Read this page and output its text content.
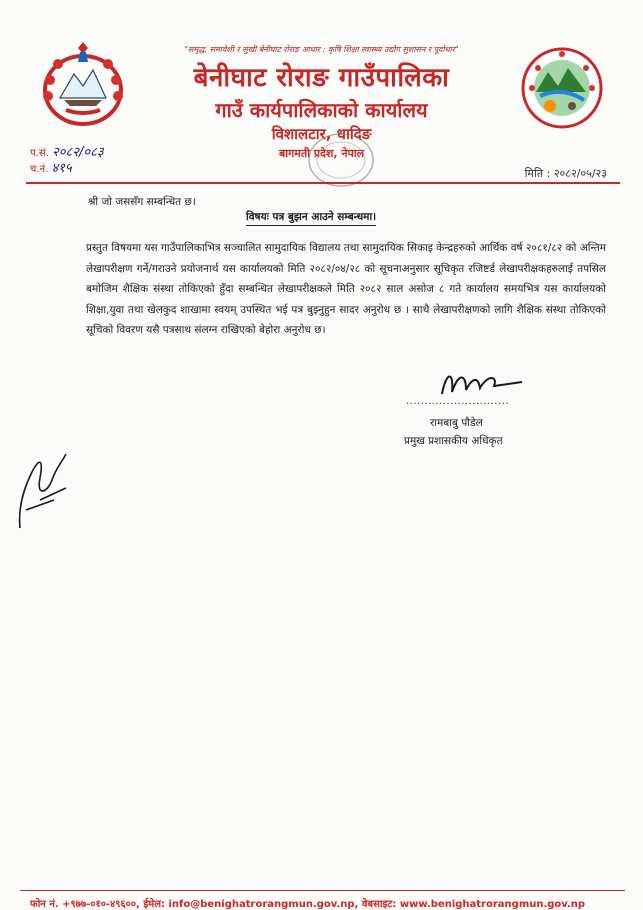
"समृद्ध, समावेशी र सुखी बेनीघाट रोराङ आधार : कृषि शिक्षा स्वास्थ्य उद्योग सुशासन र पूर्वाधार"
बेनीघाट रोराङ गाउँपालिका
गाउँ कार्यपालिकाको कार्यालय
विशालटार, धादिङ
बागमती प्रदेश, नेपाल
प.सं. २०८२/०८३
च.नं. ४१५	मिति : २०८२/०५/२३
श्री जो जससँग सम्बन्धित छ।
विषयः पत्र बुझन आउने सम्बन्धमा।
प्रस्तुत विषयमा यस गाउँपालिकाभित्र सञ्चालित सामुदायिक विद्यालय तथा सामुदायिक सिकाइ केन्द्रहरुको आर्थिक वर्ष २०८१/८२ को अन्तिम लेखापरीक्षण गर्ने/गराउने प्रयोजनार्थ यस कार्यालयको मिति २०८२/०४/२८ को सूचनाअनुसार सूचिकृत रजिष्टर्ड लेखापरीक्षकहरुलाई तपसिल बमोजिम शैक्षिक संस्था तोकिएको हुँदा सम्बन्धित लेखापरीक्षकले मिति २०८२ साल असोज ८ गते कार्यालय समयभित्र यस कार्यालयको शिक्षा,युवा तथा खेलकुद शाखामा स्वयम् उपस्थित भई पत्र बुझ्नुहुन सादर अनुरोध छ । साथै लेखापरीक्षणको लागि शैक्षिक संस्था तोकिएको सूचिको विवरण यसै पत्रसाथ संलग्न राखिएको बेहोरा अनुरोध छ।
............................
रामबाबु पौडेल
प्रमुख प्रशासकीय अधिकृत
फोन नं. +९७७-०१०-४९६००, ईमेल: info@benighatrorangmun.gov.np, वेबसाइट: www.benighatrorangmun.gov.np
